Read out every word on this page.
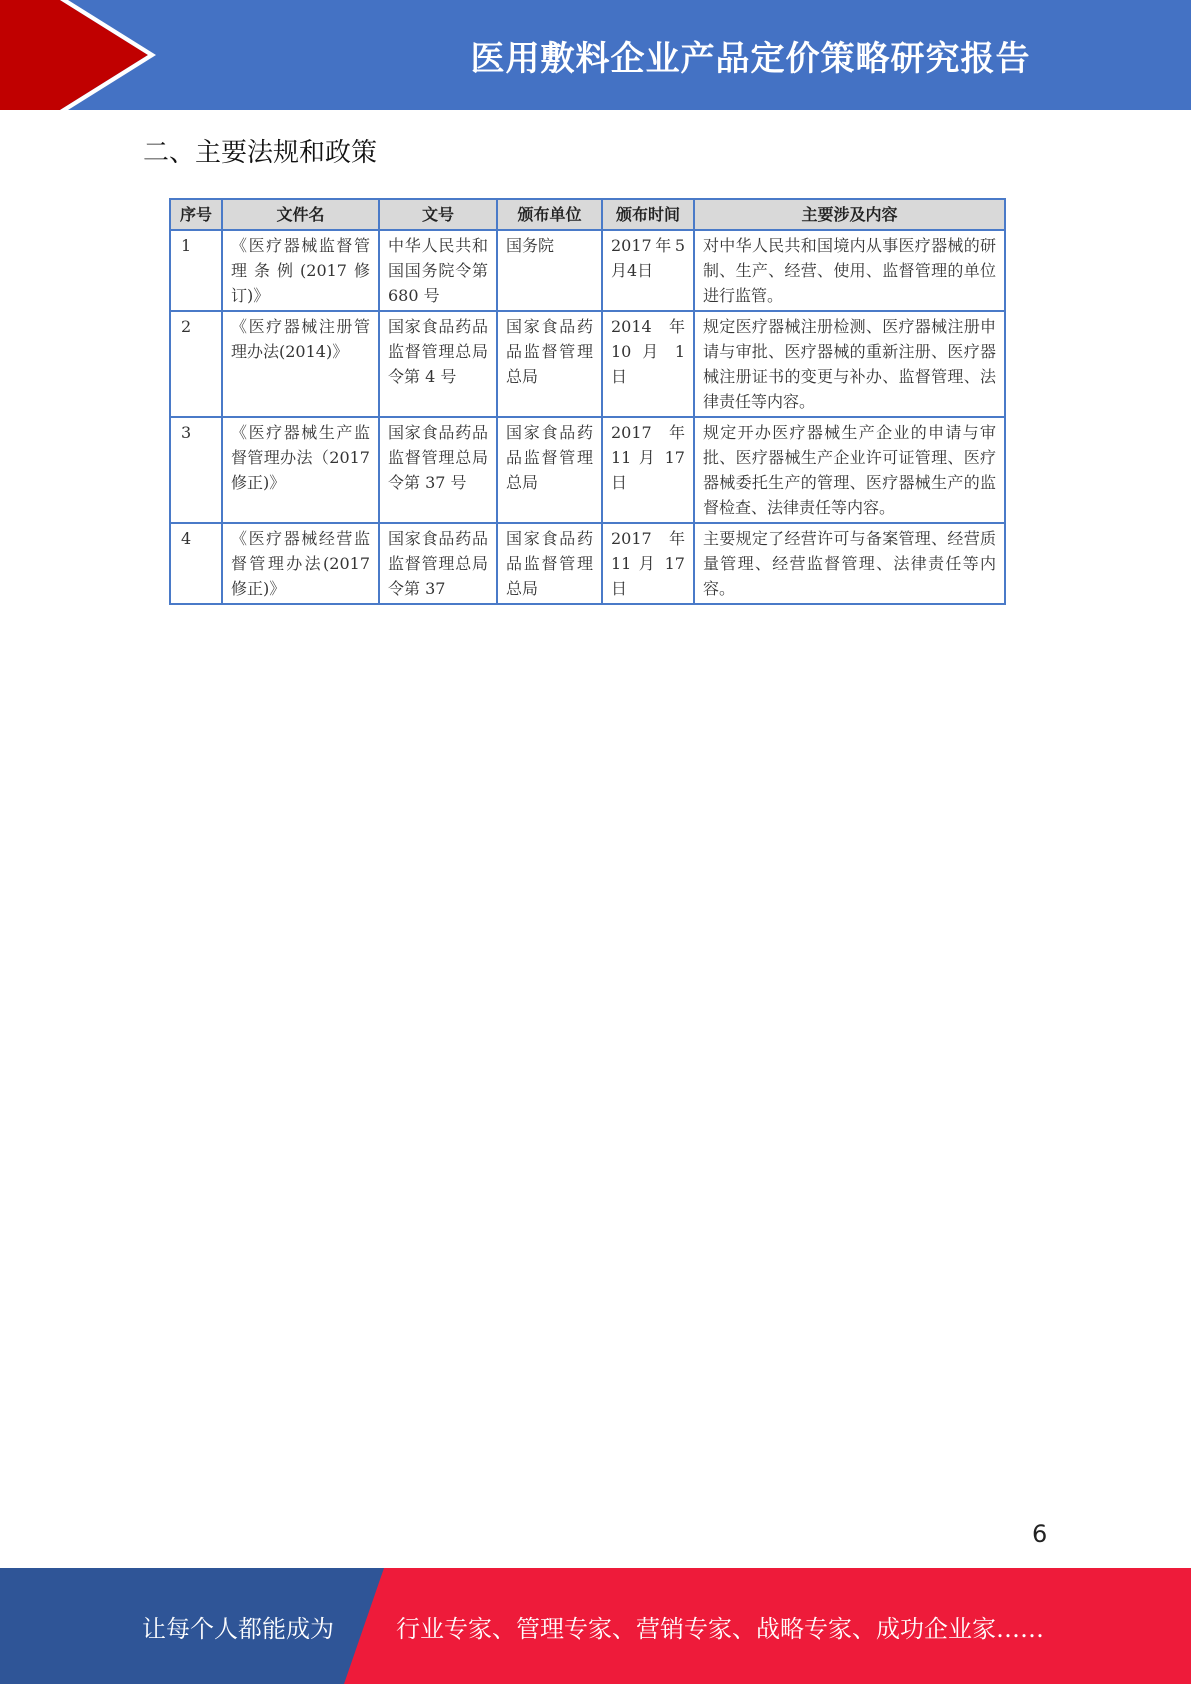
医用敷料企业产品定价策略研究报告
二、主要法规和政策
序号	文件名	文号	颁布单位	颁布时间	主要涉及内容
1	《医疗器械监督管理条例(2017修订)》	中华人民共和国国务院令第 680 号	国务院	2017年5月4日	对中华人民共和国境内从事医疗器械的研制、生产、经营、使用、监督管理的单位进行监管。
2	《医疗器械注册管理办法(2014)》	国家食品药品监督管理总局令第 4 号	国家食品药品监督管理总局	2014 年 10 月 1 日	规定医疗器械注册检测、医疗器械注册申请与审批、医疗器械的重新注册、医疗器械注册证书的变更与补办、监督管理、法律责任等内容。
3	《医疗器械生产监督管理办法（2017 修正)》	国家食品药品监督管理总局令第 37 号	国家食品药品监督管理总局	2017 年 11 月 17 日	规定开办医疗器械生产企业的申请与审批、医疗器械生产企业许可证管理、医疗器械委托生产的管理、医疗器械生产的监督检查、法律责任等内容。
4	《医疗器械经营监督管理办法(2017 修正)》	国家食品药品监督管理总局令第 37	国家食品药品监督管理总局	2017 年 11 月 17 日	主要规定了经营许可与备案管理、经营质量管理、经营监督管理、法律责任等内容。
6
让每个人都能成为	行业专家、管理专家、营销专家、战略专家、成功企业家……
